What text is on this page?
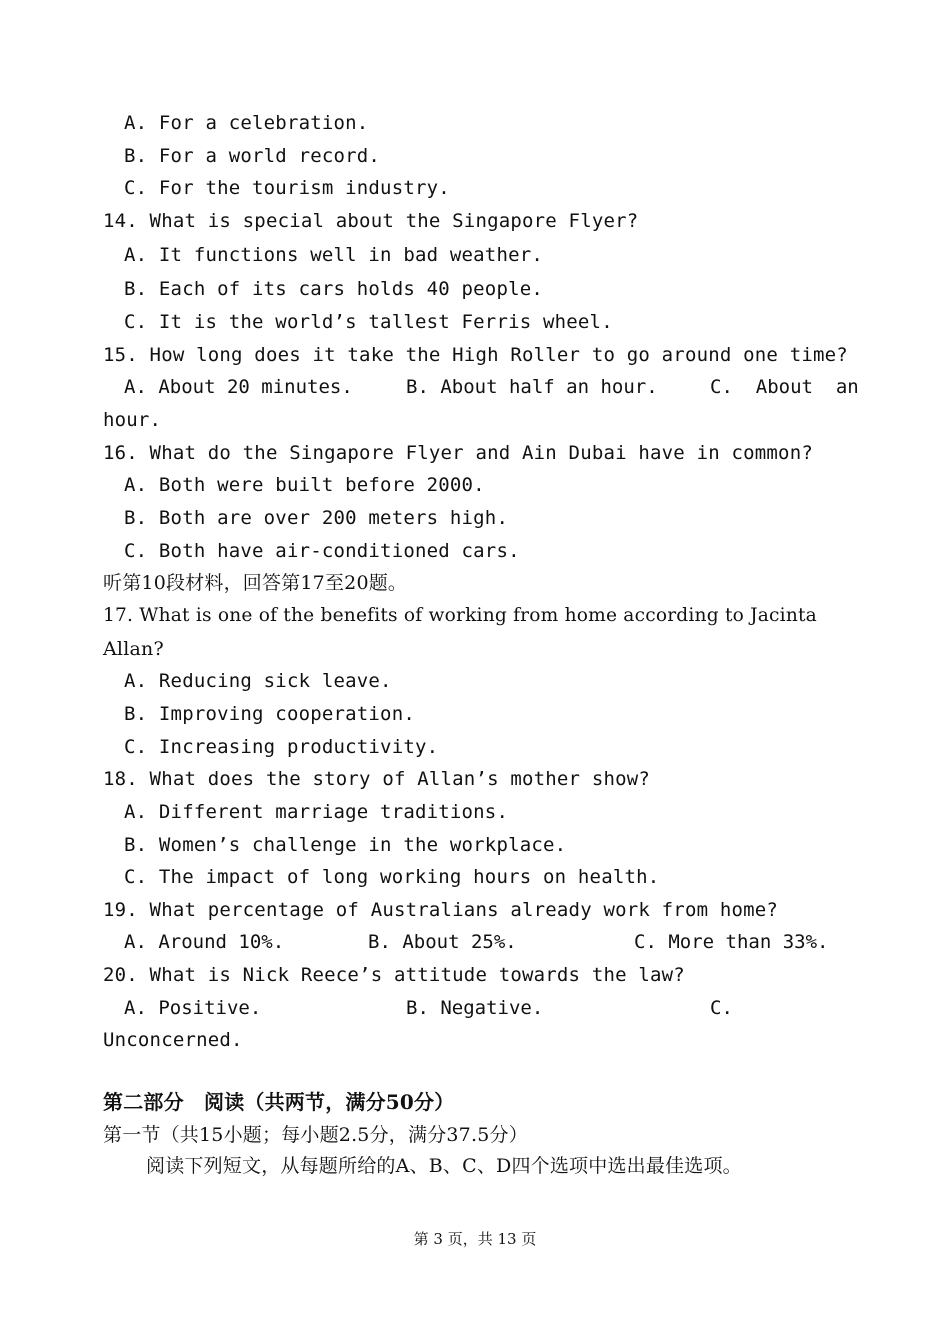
A. For a celebration.
B. For a world record.
C. For the tourism industry.
14. What is special about the Singapore Flyer?
A. It functions well in bad weather.
B. Each of its cars holds 40 people.
C. It is the world’s tallest Ferris wheel.
15. How long does it take the High Roller to go around one time?
A. About 20 minutes.	B. About half an hour.	C.  About  an
hour.
16. What do the Singapore Flyer and Ain Dubai have in common?
A. Both were built before 2000.
B. Both are over 200 meters high.
C. Both have air-conditioned cars.
听第10段材料，回答第17至20题。
17. What is one of the benefits of working from home according to Jacinta
Allan?
A. Reducing sick leave.
B. Improving cooperation.
C. Increasing productivity.
18. What does the story of Allan’s mother show?
A. Different marriage traditions.
B. Women’s challenge in the workplace.
C. The impact of long working hours on health.
19. What percentage of Australians already work from home?
A. Around 10%.	B. About 25%.	C. More than 33%.
20. What is Nick Reece’s attitude towards the law?
A. Positive.	B. Negative.	C.
Unconcerned.
第二部分　阅读（共两节，满分50分）
第一节（共15小题；每小题2.5分，满分37.5分）
阅读下列短文，从每题所给的A、B、C、D四个选项中选出最佳选项。
第 3 页，共 13 页
